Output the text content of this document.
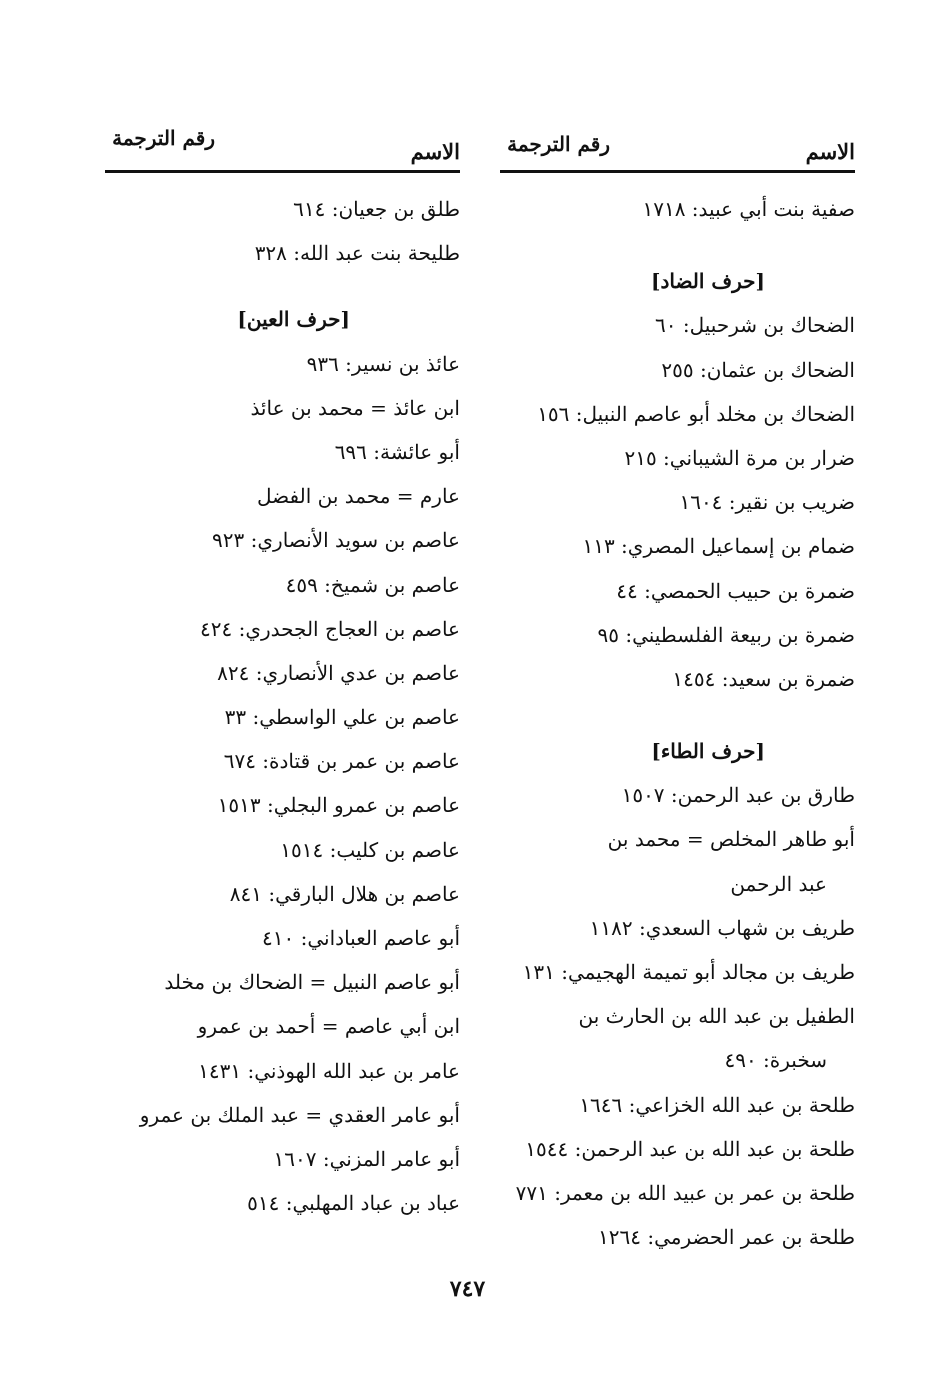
الاسم
رقم الترجمة
صفية بنت أبي عبيد: ١٧١٨
[حرف الضاد]
الضحاك بن شرحبيل: ٦٠
الضحاك بن عثمان: ٢٥٥
الضحاك بن مخلد أبو عاصم النبيل: ١٥٦
ضرار بن مرة الشيباني: ٢١٥
ضريب بن نقير: ١٦٠٤
ضمام بن إسماعيل المصري: ١١٣
ضمرة بن حبيب الحمصي: ٤٤
ضمرة بن ربيعة الفلسطيني: ٩٥
ضمرة بن سعيد: ١٤٥٤
[حرف الطاء]
طارق بن عبد الرحمن: ١٥٠٧
أبو طاهر المخلص = محمد بن
عبد الرحمن
طريف بن شهاب السعدي: ١١٨٢
طريف بن مجالد أبو تميمة الهجيمي: ١٣١
الطفيل بن عبد الله بن الحارث بن
سخبرة: ٤٩٠
طلحة بن عبد الله الخزاعي: ١٦٤٦
طلحة بن عبد الله بن عبد الرحمن: ١٥٤٤
طلحة بن عمر بن عبيد الله بن معمر: ٧٧١
طلحة بن عمر الحضرمي: ١٢٦٤
الاسم
رقم الترجمة
طلق بن جعيان: ٦١٤
طليحة بنت عبد الله: ٣٢٨
[حرف العين]
عائذ بن نسير: ٩٣٦
ابن عائذ = محمد بن عائذ
أبو عائشة: ٦٩٦
عارم = محمد بن الفضل
عاصم بن سويد الأنصاري: ٩٢٣
عاصم بن شميخ: ٤٥٩
عاصم بن العجاج الجحدري: ٤٢٤
عاصم بن عدي الأنصاري: ٨٢٤
عاصم بن علي الواسطي: ٣٣
عاصم بن عمر بن قتادة: ٦٧٤
عاصم بن عمرو البجلي: ١٥١٣
عاصم بن كليب: ١٥١٤
عاصم بن هلال البارقي: ٨٤١
أبو عاصم العباداني: ٤١٠
أبو عاصم النبيل = الضحاك بن مخلد
ابن أبي عاصم = أحمد بن عمرو
عامر بن عبد الله الهوذني: ١٤٣١
أبو عامر العقدي = عبد الملك بن عمرو
أبو عامر المزني: ١٦٠٧
عباد بن عباد المهلبي: ٥١٤
٧٤٧
